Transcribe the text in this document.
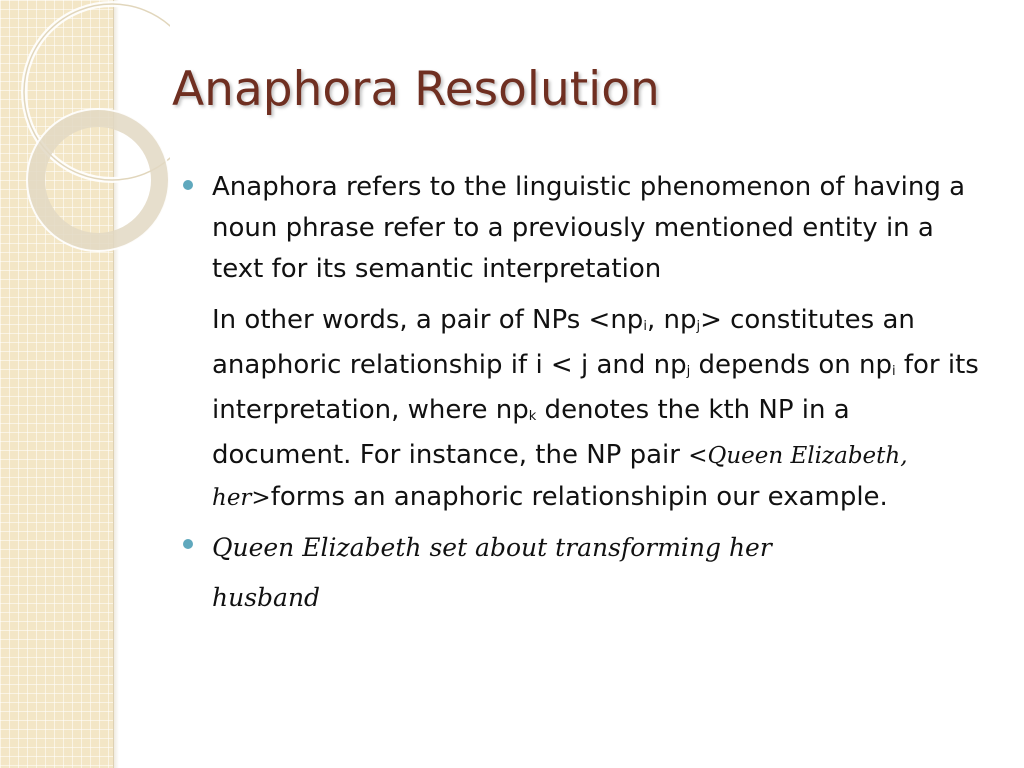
Anaphora Resolution

Anaphora refers to the linguistic phenomenon of having a noun phrase refer to a previously mentioned entity in a text for its semantic interpretation

In other words, a pair of NPs $<np_i$, $np_j>$ constitutes an anaphoric relationship if i < j and $np_j$ depends on $np_i$ for its interpretation, where $np_k$ denotes the kth NP in a document. For instance, the NP pair <Queen Elizabeth, her>forms an anaphoric relationshipin our example.

Queen Elizabeth set about transforming her husband
